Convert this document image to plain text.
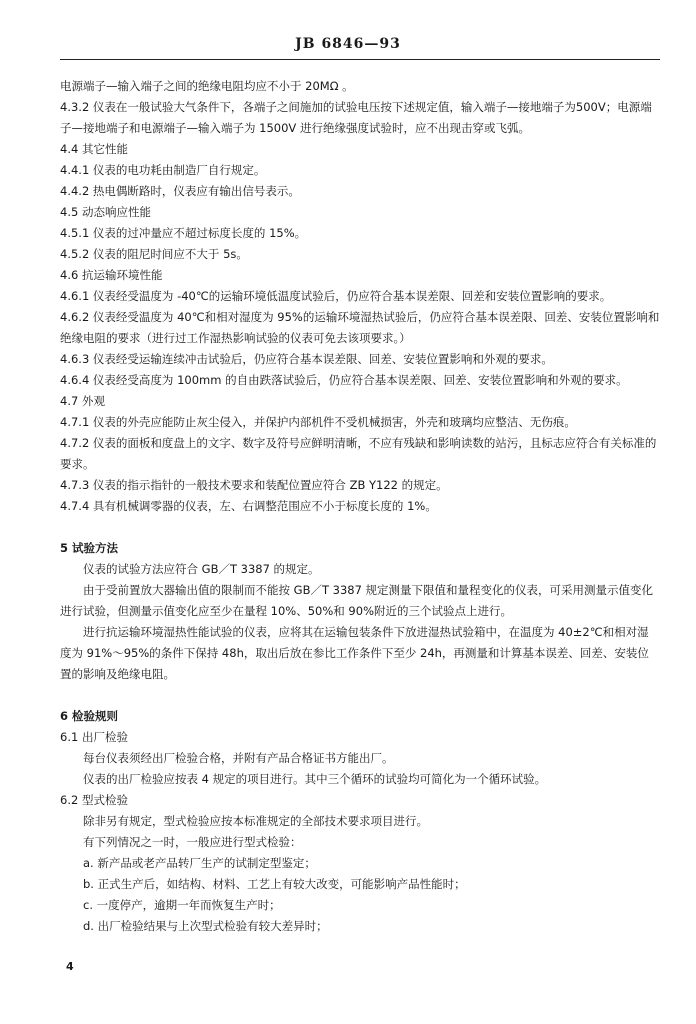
JB 6846—93

电源端子—输入端子之间的绝缘电阻均应不小于 20MΩ 。

4.3.2 仪表在一般试验大气条件下，各端子之间施加的试验电压按下述规定值，输入端子—接地端子为500V；电源端子—接地端子和电源端子—输入端子为 1500V 进行绝缘强度试验时，应不出现击穿或飞弧。

4.4 其它性能

4.4.1 仪表的电功耗由制造厂自行规定。

4.4.2 热电偶断路时，仪表应有输出信号表示。

4.5 动态响应性能

4.5.1 仪表的过冲量应不超过标度长度的 15%。

4.5.2 仪表的阻尼时间应不大于 5s。

4.6 抗运输环境性能

4.6.1 仪表经受温度为 -40℃的运输环境低温度试验后，仍应符合基本误差限、回差和安装位置影响的要求。

4.6.2 仪表经受温度为 40℃和相对湿度为 95%的运输环境湿热试验后，仍应符合基本误差限、回差、安装位置影响和绝缘电阻的要求（进行过工作湿热影响试验的仪表可免去该项要求。）

4.6.3 仪表经受运输连续冲击试验后，仍应符合基本误差限、回差、安装位置影响和外观的要求。

4.6.4 仪表经受高度为 100mm 的自由跌落试验后，仍应符合基本误差限、回差、安装位置影响和外观的要求。

4.7 外观

4.7.1 仪表的外壳应能防止灰尘侵入，并保护内部机件不受机械损害，外壳和玻璃均应整洁、无伤痕。

4.7.2 仪表的面板和度盘上的文字、数字及符号应鲜明清晰，不应有残缺和影响读数的站污，且标志应符合有关标准的要求。

4.7.3 仪表的指示指针的一般技术要求和装配位置应符合 ZB Y122 的规定。

4.7.4 具有机械调零器的仪表，左、右调整范围应不小于标度长度的 1%。

5 试验方法

仪表的试验方法应符合 GB／T 3387 的规定。

由于受前置放大器输出值的限制而不能按 GB／T 3387 规定测量下限值和量程变化的仪表，可采用测量示值变化进行试验，但测量示值变化应至少在量程 10%、50%和 90%附近的三个试验点上进行。

进行抗运输环境湿热性能试验的仪表，应将其在运输包装条件下放进湿热试验箱中，在温度为 40±2℃和相对湿度为 91%～95%的条件下保持 48h，取出后放在参比工作条件下至少 24h，再测量和计算基本误差、回差、安装位置的影响及绝缘电阻。

6 检验规则

6.1 出厂检验

每台仪表须经出厂检验合格，并附有产品合格证书方能出厂。

仪表的出厂检验应按表 4 规定的项目进行。其中三个循环的试验均可简化为一个循环试验。

6.2 型式检验

除非另有规定，型式检验应按本标准规定的全部技术要求项目进行。

有下列情况之一时，一般应进行型式检验：

a. 新产品或老产品转厂生产的试制定型鉴定；

b. 正式生产后，如结构、材料、工艺上有较大改变，可能影响产品性能时；

c. 一度停产，逾期一年而恢复生产时；

d. 出厂检验结果与上次型式检验有较大差异时；

4
